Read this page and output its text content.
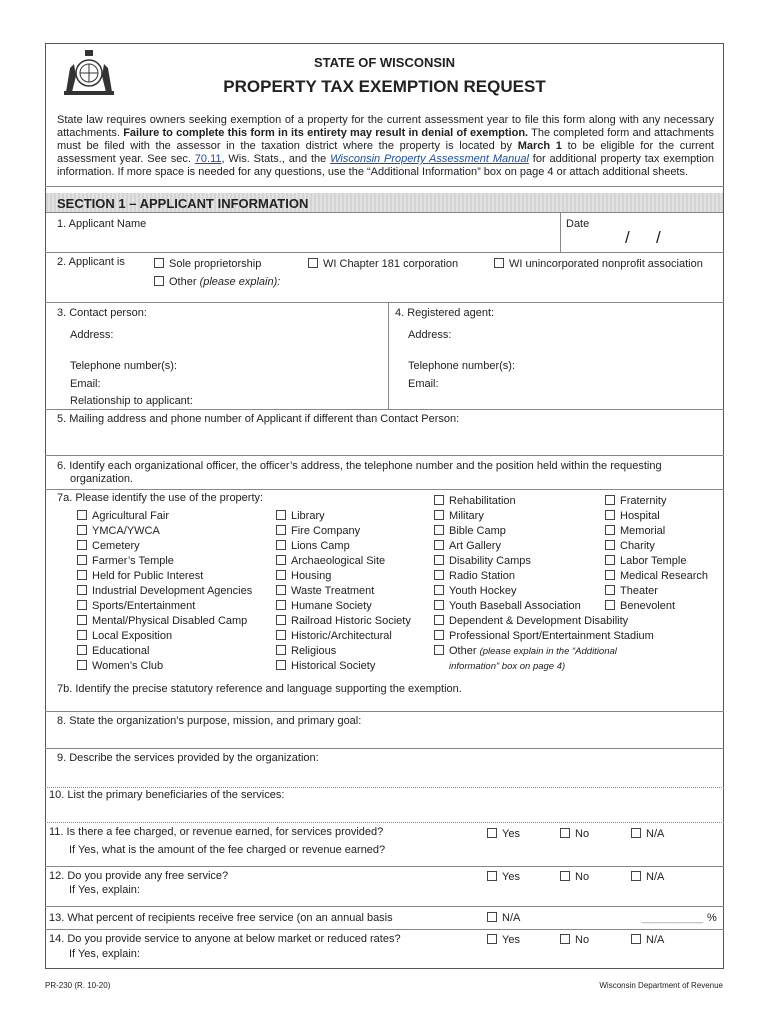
STATE OF WISCONSIN
PROPERTY TAX EXEMPTION REQUEST
State law requires owners seeking exemption of a property for the current assessment year to file this form along with any necessary attachments. Failure to complete this form in its entirety may result in denial of exemption. The completed form and attachments must be filed with the assessor in the taxation district where the property is located by March 1 to be eligible for the current assessment year. See sec. 70.11, Wis. Stats., and the Wisconsin Property Assessment Manual for additional property tax exemption information. If more space is needed for any questions, use the “Additional Information” box on page 4 or attach additional sheets.
SECTION 1 – APPLICANT INFORMATION
1. Applicant Name	Date
/ /
2. Applicant is	Sole proprietorship	WI Chapter 181 corporation	WI unincorporated nonprofit association
Other (please explain):
3. Contact person:
Address:
Telephone number(s):
Email:
Relationship to applicant:
4. Registered agent:
Address:
Telephone number(s):
Email:
5. Mailing address and phone number of Applicant if different than Contact Person:
6. Identify each organizational officer, the officer’s address, the telephone number and the position held within the requesting
organization.
7a. Please identify the use of the property:
Agricultural Fair
YMCA/YWCA
Cemetery
Farmer’s Temple
Held for Public Interest
Industrial Development Agencies
Sports/Entertainment
Mental/Physical Disabled Camp
Local Exposition
Educational
Women’s Club
Library
Fire Company
Lions Camp
Archaeological Site
Housing
Waste Treatment
Humane Society
Railroad Historic Society
Historic/Architectural
Religious
Historical Society
Rehabilitation
Military
Bible Camp
Art Gallery
Disability Camps
Radio Station
Youth Hockey
Youth Baseball Association
Dependent & Development Disability
Professional Sport/Entertainment Stadium
Other (please explain in the “Additional
information” box on page 4)
Fraternity
Hospital
Memorial
Charity
Labor Temple
Medical Research
Theater
Benevolent
7b. Identify the precise statutory reference and language supporting the exemption.
8. State the organization’s purpose, mission, and primary goal:
9. Describe the services provided by the organization:
10. List the primary beneficiaries of the services:
11. Is there a fee charged, or revenue earned, for services provided?
If Yes, what is the amount of the fee charged or revenue earned?
Yes	No	N/A
12. Do you provide any free service?
If Yes, explain:
Yes	No	N/A
13. What percent of recipients receive free service (on an annual basis	N/A	__________ %
14. Do you provide service to anyone at below market or reduced rates?
If Yes, explain:
Yes	No	N/A
PR-230 (R. 10-20)	Wisconsin Department of Revenue
